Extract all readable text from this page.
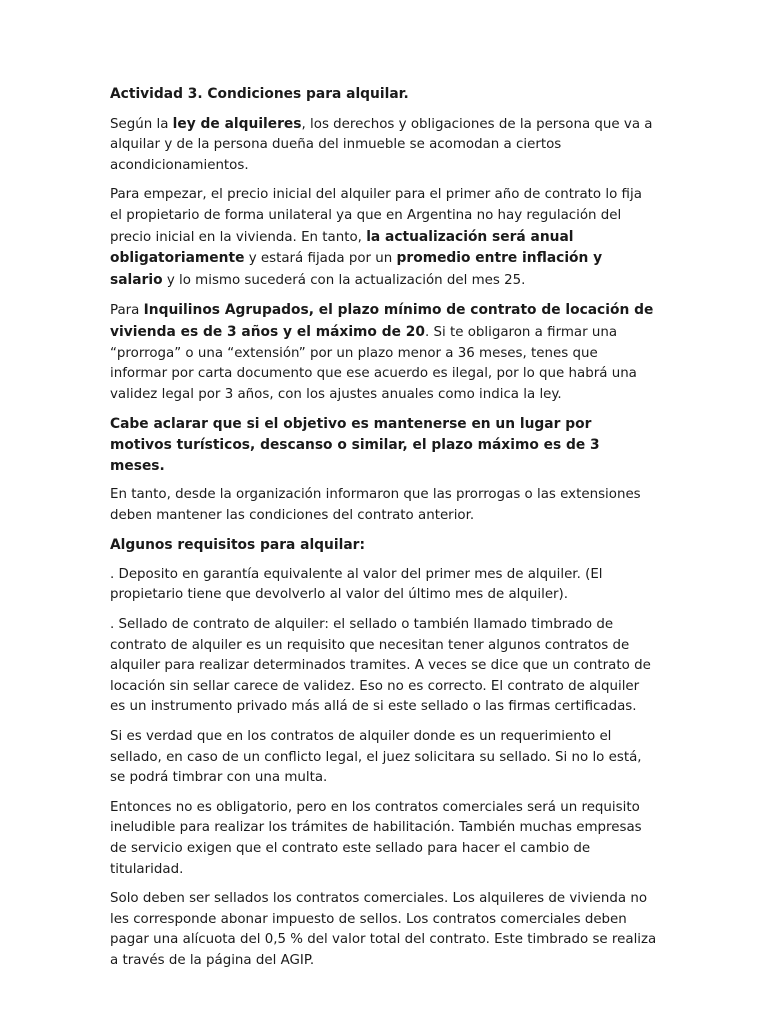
Actividad 3. Condiciones para alquilar.

Según la ley de alquileres, los derechos y obligaciones de la persona que va a alquilar y de la persona dueña del inmueble se acomodan a ciertos acondicionamientos.

Para empezar, el precio inicial del alquiler para el primer año de contrato lo fija el propietario de forma unilateral ya que en Argentina no hay regulación del precio inicial en la vivienda. En tanto, la actualización será anual obligatoriamente y estará fijada por un promedio entre inflación y salario y lo mismo sucederá con la actualización del mes 25.

Para Inquilinos Agrupados, el plazo mínimo de contrato de locación de vivienda es de 3 años y el máximo de 20. Si te obligaron a firmar una “prorroga” o una “extensión” por un plazo menor a 36 meses, tenes que informar por carta documento que ese acuerdo es ilegal, por lo que habrá una validez legal por 3 años, con los ajustes anuales como indica la ley.

Cabe aclarar que si el objetivo es mantenerse en un lugar por motivos turísticos, descanso o similar, el plazo máximo es de 3 meses.

En tanto, desde la organización informaron que las prorrogas o las extensiones deben mantener las condiciones del contrato anterior.

Algunos requisitos para alquilar:

. Deposito en garantía equivalente al valor del primer mes de alquiler. (El propietario tiene que devolverlo al valor del último mes de alquiler).

. Sellado de contrato de alquiler: el sellado o también llamado timbrado de contrato de alquiler es un requisito que necesitan tener algunos contratos de alquiler para realizar determinados tramites. A veces se dice que un contrato de locación sin sellar carece de validez. Eso no es correcto. El contrato de alquiler es un instrumento privado más allá de si este sellado o las firmas certificadas.

Si es verdad que en los contratos de alquiler donde es un requerimiento el sellado, en caso de un conflicto legal, el juez solicitara su sellado. Si no lo está, se podrá timbrar con una multa.

Entonces no es obligatorio, pero en los contratos comerciales será un requisito ineludible para realizar los trámites de habilitación. También muchas empresas de servicio exigen que el contrato este sellado para hacer el cambio de titularidad.

Solo deben ser sellados los contratos comerciales. Los alquileres de vivienda no les corresponde abonar impuesto de sellos. Los contratos comerciales deben pagar una alícuota del 0,5 % del valor total del contrato. Este timbrado se realiza a través de la página del AGIP.
